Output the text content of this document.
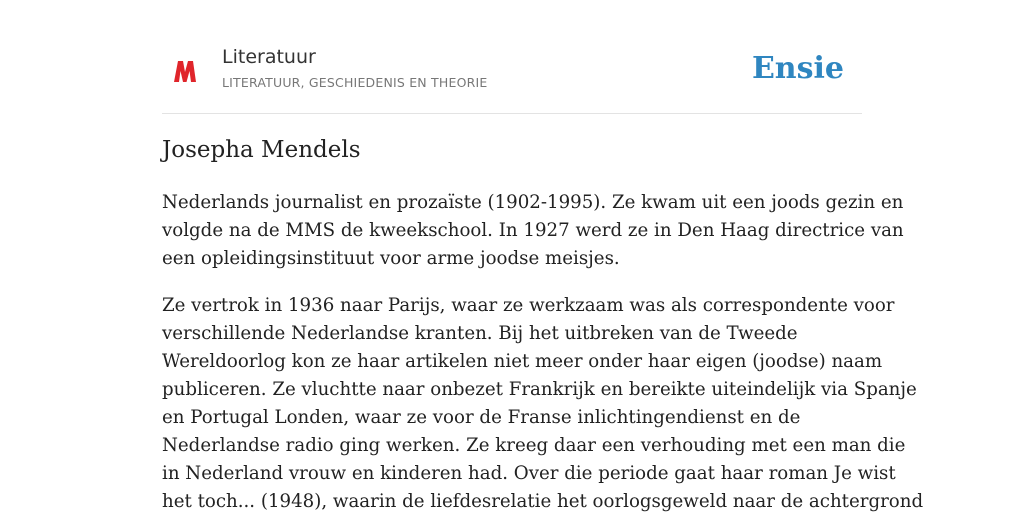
Literatuur
LITERATUUR, GESCHIEDENIS EN THEORIE	Ensie
Josepha Mendels
Nederlands journalist en prozaïste (1902-1995). Ze kwam uit een joods gezin en
volgde na de MMS de kweekschool. In 1927 werd ze in Den Haag directrice van
een opleidingsinstituut voor arme joodse meisjes.
Ze vertrok in 1936 naar Parijs, waar ze werkzaam was als correspondente voor
verschillende Nederlandse kranten. Bij het uitbreken van de Tweede
Wereldoorlog kon ze haar artikelen niet meer onder haar eigen (joodse) naam
publiceren. Ze vluchtte naar onbezet Frankrijk en bereikte uiteindelijk via Spanje
en Portugal Londen, waar ze voor de Franse inlichtingendienst en de
Nederlandse radio ging werken. Ze kreeg daar een verhouding met een man die
in Nederland vrouw en kinderen had. Over die periode gaat haar roman Je wist
het toch... (1948), waarin de liefdesrelatie het oorlogsgeweld naar de achtergrond
